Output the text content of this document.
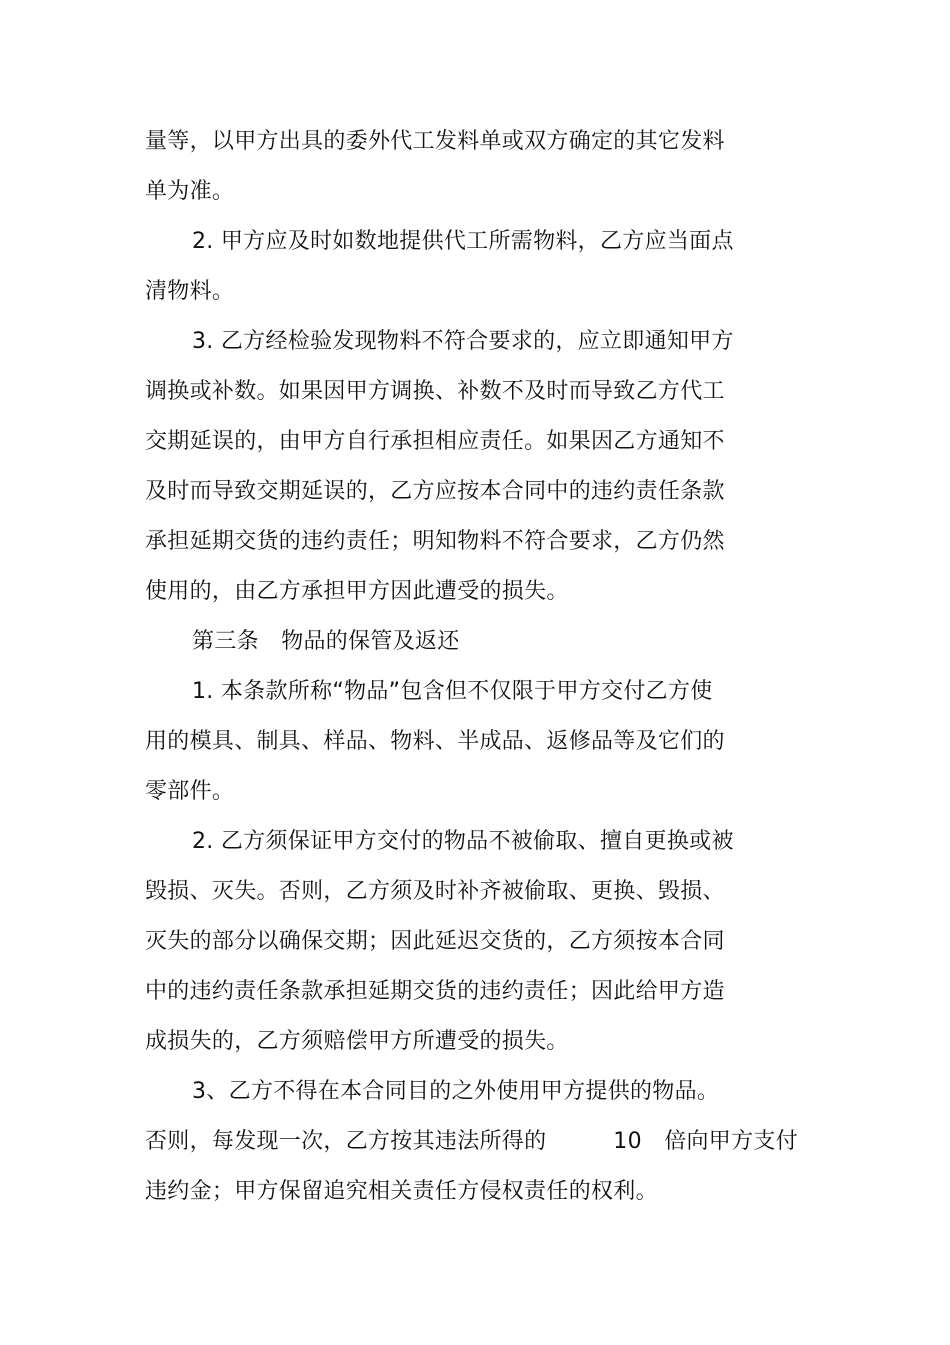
量等，以甲方出具的委外代工发料单或双方确定的其它发料
单为准。
2. 甲方应及时如数地提供代工所需物料，乙方应当面点
清物料。
3. 乙方经检验发现物料不符合要求的，应立即通知甲方
调换或补数。如果因甲方调换、补数不及时而导致乙方代工
交期延误的，由甲方自行承担相应责任。如果因乙方通知不
及时而导致交期延误的，乙方应按本合同中的违约责任条款
承担延期交货的违约责任；明知物料不符合要求，乙方仍然
使用的，由乙方承担甲方因此遭受的损失。
第三条　物品的保管及返还
1. 本条款所称“物品”包含但不仅限于甲方交付乙方使
用的模具、制具、样品、物料、半成品、返修品等及它们的
零部件。
2. 乙方须保证甲方交付的物品不被偷取、擅自更换或被
毁损、灭失。否则，乙方须及时补齐被偷取、更换、毁损、
灭失的部分以确保交期；因此延迟交货的，乙方须按本合同
中的违约责任条款承担延期交货的违约责任；因此给甲方造
成损失的，乙方须赔偿甲方所遭受的损失。
3、乙方不得在本合同目的之外使用甲方提供的物品。
否则，每发现一次，乙方按其违法所得的　　　10　倍向甲方支付
违约金；甲方保留追究相关责任方侵权责任的权利。
